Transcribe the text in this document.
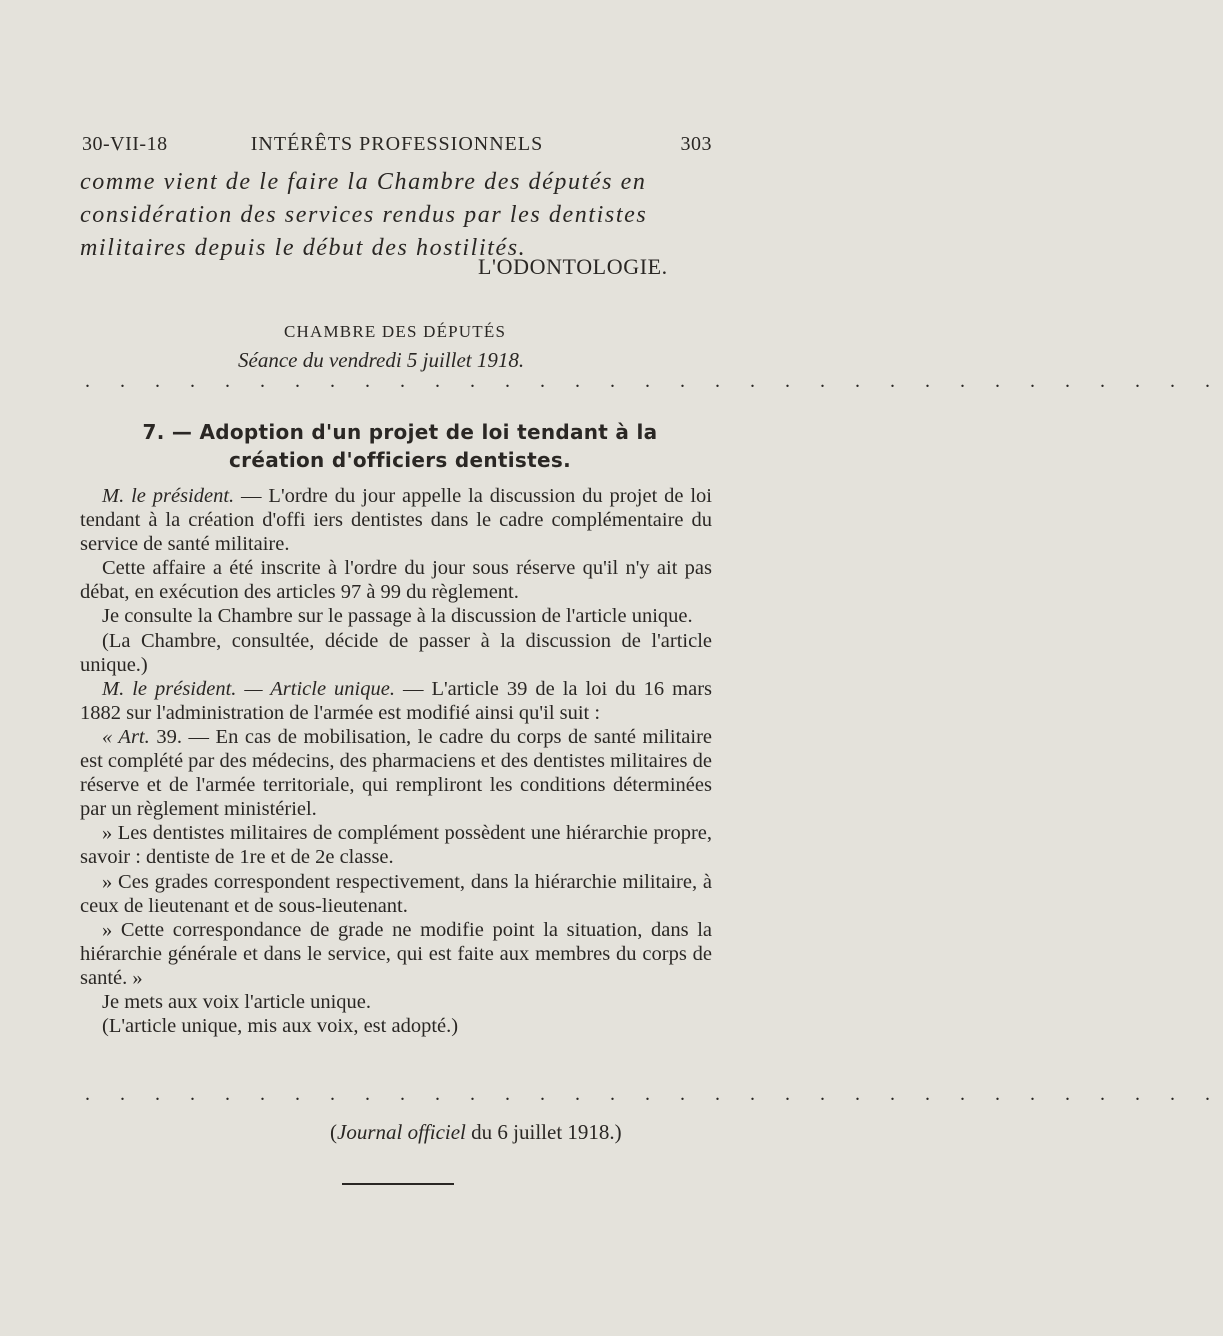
30-VII-18	INTÉRÊTS PROFESSIONNELS	303
comme vient de le faire la Chambre des députés en considération des services rendus par les dentistes militaires depuis le début des hostilités.
L'ODONTOLOGIE.
CHAMBRE DES DÉPUTÉS
Séance du vendredi 5 juillet 1918.
. . . . . . . . . . . . . . . . . . . . . . . . . . . . . . . . .
7. — Adoption d'un projet de loi tendant à la création d'officiers dentistes.

M. le président. — L'ordre du jour appelle la discussion du projet de loi tendant à la création d'offi iers dentistes dans le cadre complémentaire du service de santé militaire.

Cette affaire a été inscrite à l'ordre du jour sous réserve qu'il n'y ait pas débat, en exécution des articles 97 à 99 du règlement.

Je consulte la Chambre sur le passage à la discussion de l'article unique.

(La Chambre, consultée, décide de passer à la discussion de l'article unique.)

M. le président. — Article unique. — L'article 39 de la loi du 16 mars 1882 sur l'administration de l'armée est modifié ainsi qu'il suit :

« Art. 39. — En cas de mobilisation, le cadre du corps de santé militaire est complété par des médecins, des pharmaciens et des dentistes militaires de réserve et de l'armée territoriale, qui rempliront les conditions déterminées par un règlement ministériel.

» Les dentistes militaires de complément possèdent une hiérarchie propre, savoir : dentiste de 1re et de 2e classe.

» Ces grades correspondent respectivement, dans la hiérarchie militaire, à ceux de lieutenant et de sous-lieutenant.

» Cette correspondance de grade ne modifie point la situation, dans la hiérarchie générale et dans le service, qui est faite aux membres du corps de santé. »

Je mets aux voix l'article unique.

(L'article unique, mis aux voix, est adopté.)

. . . . . . . . . . . . . . . . . . . . . . . . . . . . . . . . .
(Journal officiel du 6 juillet 1918.)
